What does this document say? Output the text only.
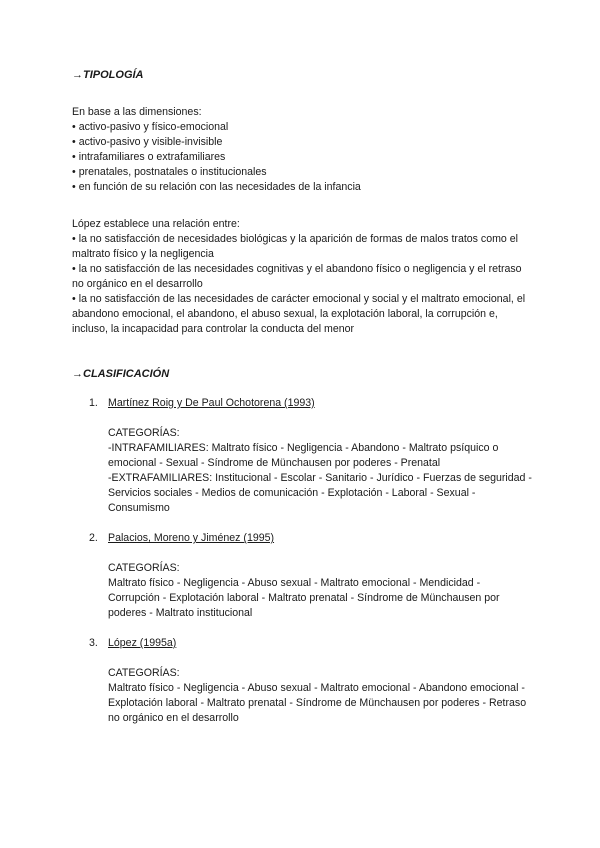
→TIPOLOGÍA

En base a las dimensiones:

• activo-pasivo y físico-emocional
• activo-pasivo y visible-invisible
• intrafamiliares o extrafamiliares
• prenatales, postnatales o institucionales
• en función de su relación con las necesidades de la infancia

López establece una relación entre:

• la no satisfacción de necesidades biológicas y la aparición de formas de malos tratos como el maltrato físico y la negligencia
• la no satisfacción de las necesidades cognitivas y el abandono físico o negligencia y el retraso no orgánico en el desarrollo
• la no satisfacción de las necesidades de carácter emocional y social y el maltrato emocional, el abandono emocional, el abandono, el abuso sexual, la explotación laboral, la corrupción e, incluso, la incapacidad para controlar la conducta del menor
→CLASIFICACIÓN
1. Martínez Roig y De Paul Ochotorena (1993)
CATEGORÍAS:
-INTRAFAMILIARES: Maltrato físico - Negligencia - Abandono - Maltrato psíquico o emocional - Sexual - Síndrome de Münchausen por poderes - Prenatal
-EXTRAFAMILIARES: Institucional - Escolar - Sanitario - Jurídico - Fuerzas de seguridad - Servicios sociales - Medios de comunicación - Explotación - Laboral - Sexual - Consumismo
2. Palacios, Moreno y Jiménez (1995)
CATEGORÍAS:
Maltrato físico - Negligencia - Abuso sexual - Maltrato emocional - Mendicidad - Corrupción - Explotación laboral - Maltrato prenatal - Síndrome de Münchausen por poderes - Maltrato institucional
3. López (1995a)
CATEGORÍAS:
Maltrato físico - Negligencia - Abuso sexual - Maltrato emocional - Abandono emocional - Explotación laboral - Maltrato prenatal - Síndrome de Münchausen por poderes - Retraso no orgánico en el desarrollo
